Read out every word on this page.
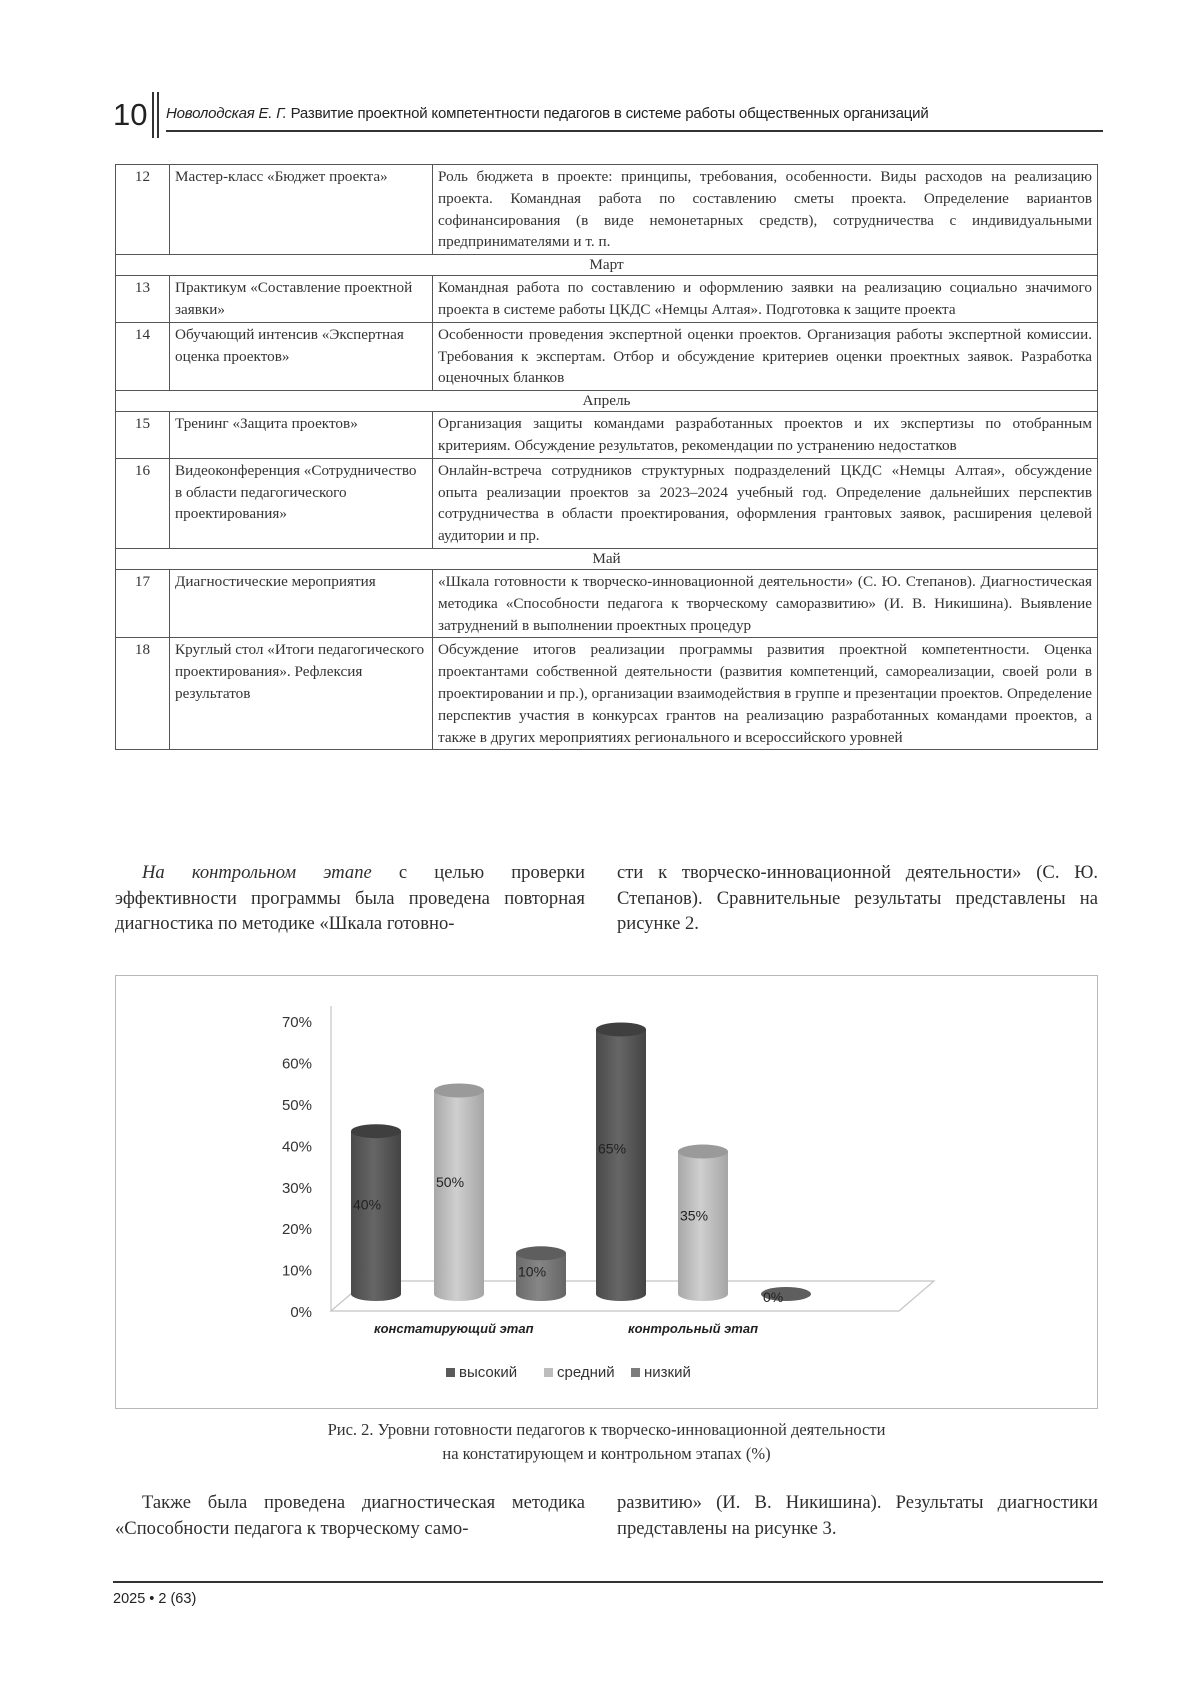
10 Новолодская Е. Г. Развитие проектной компетентности педагогов в системе работы общественных организаций
12	Мастер-класс «Бюджет проекта»	Роль бюджета в проекте: принципы, требования, особенности. Виды расходов на реализацию проекта. Командная работа по составлению сметы проекта. Определение вариантов софинансирования (в виде немонетарных средств), сотрудничества с индивидуальными предпринимателями и т. п.
Март		
13	Практикум «Составление проектной заявки»	Командная работа по составлению и оформлению заявки на реализацию социально значимого проекта в системе работы ЦКДС «Немцы Алтая». Подготовка к защите проекта
14	Обучающий интенсив «Экспертная оценка проектов»	Особенности проведения экспертной оценки проектов. Организация работы экспертной комиссии. Требования к экспертам. Отбор и обсуждение критериев оценки проектных заявок. Разработка оценочных бланков
Апрель		
15	Тренинг «Защита проектов»	Организация защиты командами разработанных проектов и их экспертизы по отобранным критериям. Обсуждение результатов, рекомендации по устранению недостатков
16	Видеоконференция «Сотрудничество в области педагогического проектирования»	Онлайн-встреча сотрудников структурных подразделений ЦКДС «Немцы Алтая», обсуждение опыта реализации проектов за 2023–2024 учебный год. Определение дальнейших перспектив сотрудничества в области проектирования, оформления грантовых заявок, расширения целевой аудитории и пр.
Май		
17	Диагностические мероприятия	«Шкала готовности к творческо-инновационной деятельности» (С. Ю. Степанов). Диагностическая методика «Способности педагога к творческому саморазвитию» (И. В. Никишина). Выявление затруднений в выполнении проектных процедур
18	Круглый стол «Итоги педагогического проектирования». Рефлексия результатов	Обсуждение итогов реализации программы развития проектной компетентности. Оценка проектантами собственной деятельности (развития компетенций, самореализации, своей роли в проектировании и пр.), организации взаимодействия в группе и презентации проектов. Определение перспектив участия в конкурсах грантов на реализацию разработанных командами проектов, а также в других мероприятиях регионального и всероссийского уровней
На контрольном этапе с целью проверки эффективности программы была проведена повторная диагностика по методике «Шкала готовно-
сти к творческо-инновационной деятельности» (С. Ю. Степанов). Сравнительные результаты представлены на рисунке 2.
0%
10%
20%
30%
40%
50%
60%
70%
40%
50%
10%
65%
35%
0%
констатирующий этап	контрольный этап
высокий	средний низкий
Рис. 2. Уровни готовности педагогов к творческо-инновационной деятельности
на констатирующем и контрольном этапах (%)
Также была проведена диагностическая методика «Способности педагога к творческому само-
развитию» (И. В. Никишина). Результаты диагностики представлены на рисунке 3.
2025 • 2 (63)
